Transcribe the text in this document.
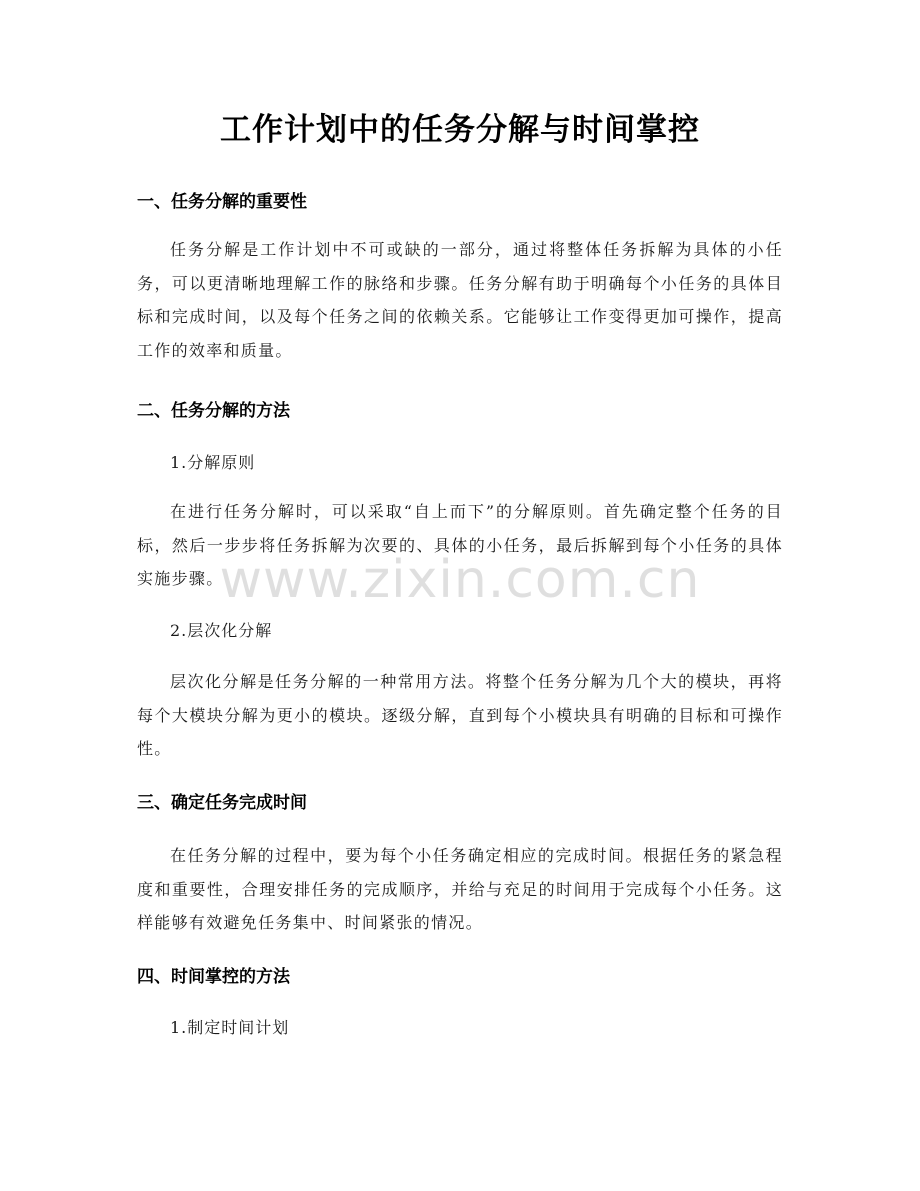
工作计划中的任务分解与时间掌控
一、任务分解的重要性

任务分解是工作计划中不可或缺的一部分，通过将整体任务拆解为具体的小任务，可以更清晰地理解工作的脉络和步骤。任务分解有助于明确每个小任务的具体目标和完成时间，以及每个任务之间的依赖关系。它能够让工作变得更加可操作，提高工作的效率和质量。

二、任务分解的方法

1.分解原则

在进行任务分解时，可以采取“自上而下”的分解原则。首先确定整个任务的目标，然后一步步将任务拆解为次要的、具体的小任务，最后拆解到每个小任务的具体实施步骤。

2.层次化分解

层次化分解是任务分解的一种常用方法。将整个任务分解为几个大的模块，再将每个大模块分解为更小的模块。逐级分解，直到每个小模块具有明确的目标和可操作性。

三、确定任务完成时间

在任务分解的过程中，要为每个小任务确定相应的完成时间。根据任务的紧急程度和重要性，合理安排任务的完成顺序，并给与充足的时间用于完成每个小任务。这样能够有效避免任务集中、时间紧张的情况。

四、时间掌控的方法

1.制定时间计划

www.zixin.com.cn
